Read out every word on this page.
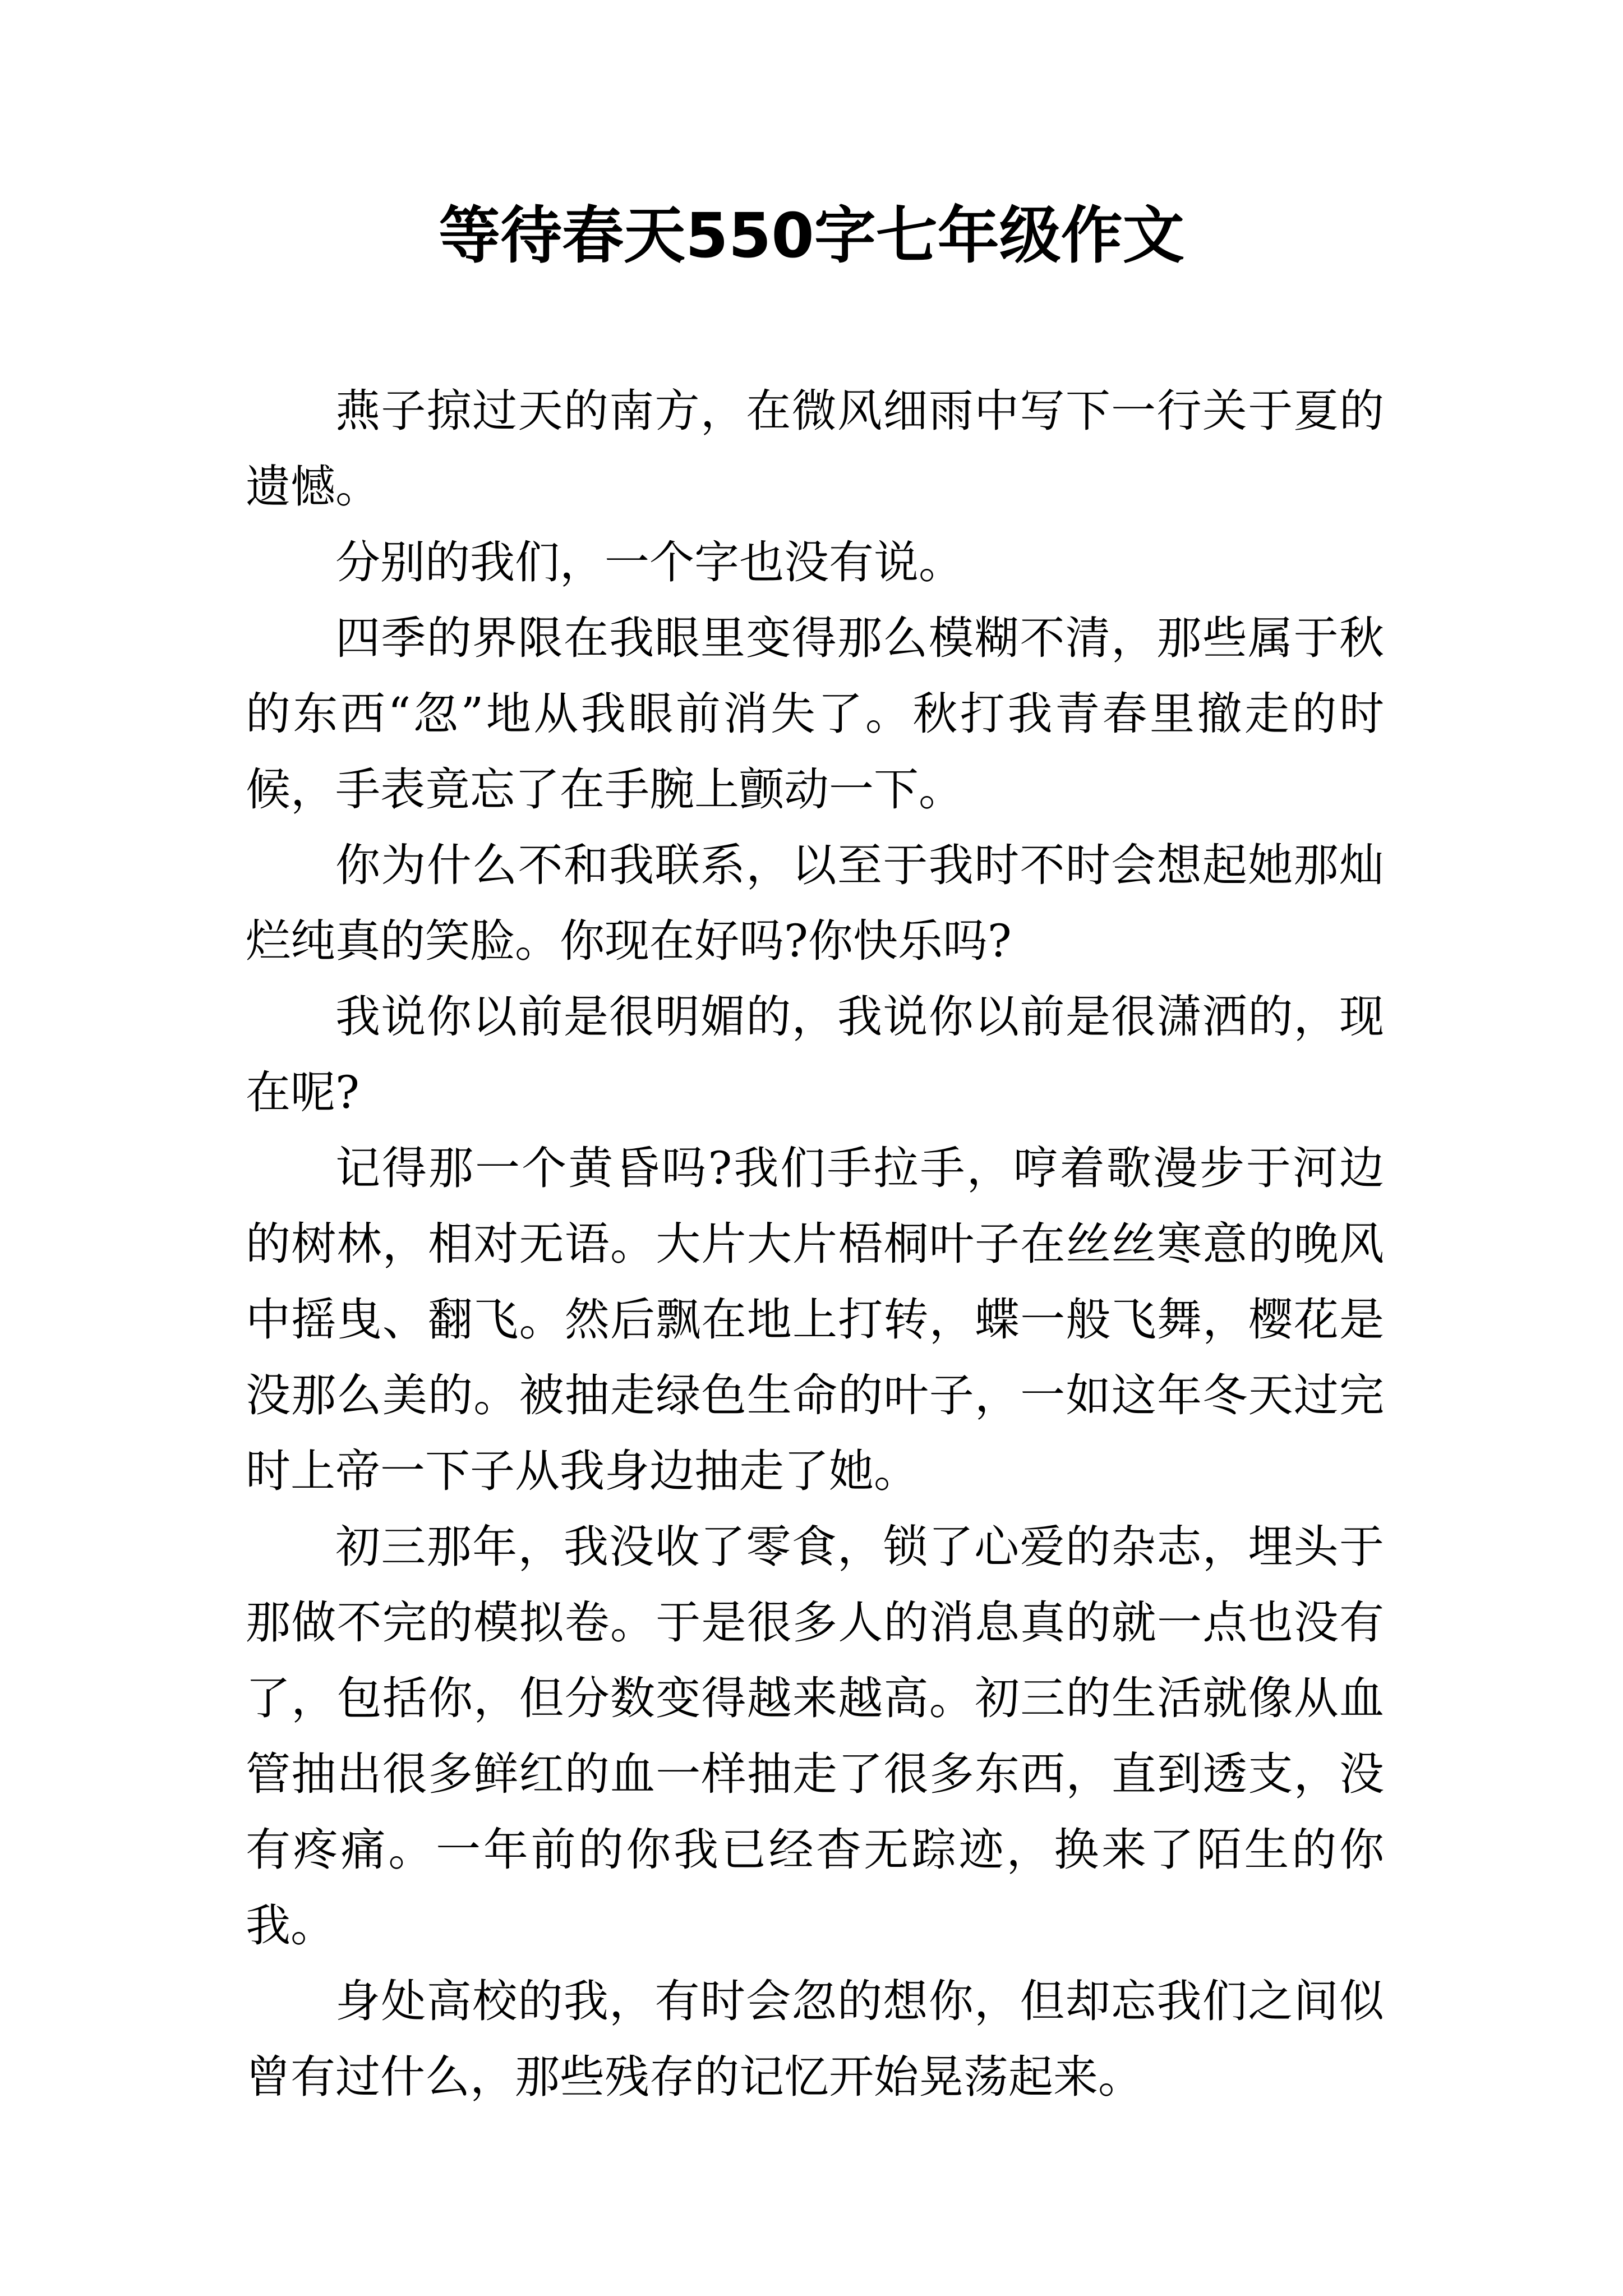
等待春天550字七年级作文

燕子掠过天的南方，在微风细雨中写下一行关于夏的遗憾。

分别的我们，一个字也没有说。

四季的界限在我眼里变得那么模糊不清，那些属于秋的东西“忽”地从我眼前消失了。秋打我青春里撤走的时候，手表竟忘了在手腕上颤动一下。

你为什么不和我联系，以至于我时不时会想起她那灿烂纯真的笑脸。你现在好吗?你快乐吗?

我说你以前是很明媚的，我说你以前是很潇洒的，现在呢?

记得那一个黄昏吗?我们手拉手，哼着歌漫步于河边的树林，相对无语。大片大片梧桐叶子在丝丝寒意的晚风中摇曳、翻飞。然后飘在地上打转，蝶一般飞舞，樱花是没那么美的。被抽走绿色生命的叶子，一如这年冬天过完时上帝一下子从我身边抽走了她。

初三那年，我没收了零食，锁了心爱的杂志，埋头于那做不完的模拟卷。于是很多人的消息真的就一点也没有了，包括你，但分数变得越来越高。初三的生活就像从血管抽出很多鲜红的血一样抽走了很多东西，直到透支，没有疼痛。一年前的你我已经杳无踪迹，换来了陌生的你我。

身处高校的我，有时会忽的想你，但却忘我们之间似曾有过什么，那些残存的记忆开始晃荡起来。
